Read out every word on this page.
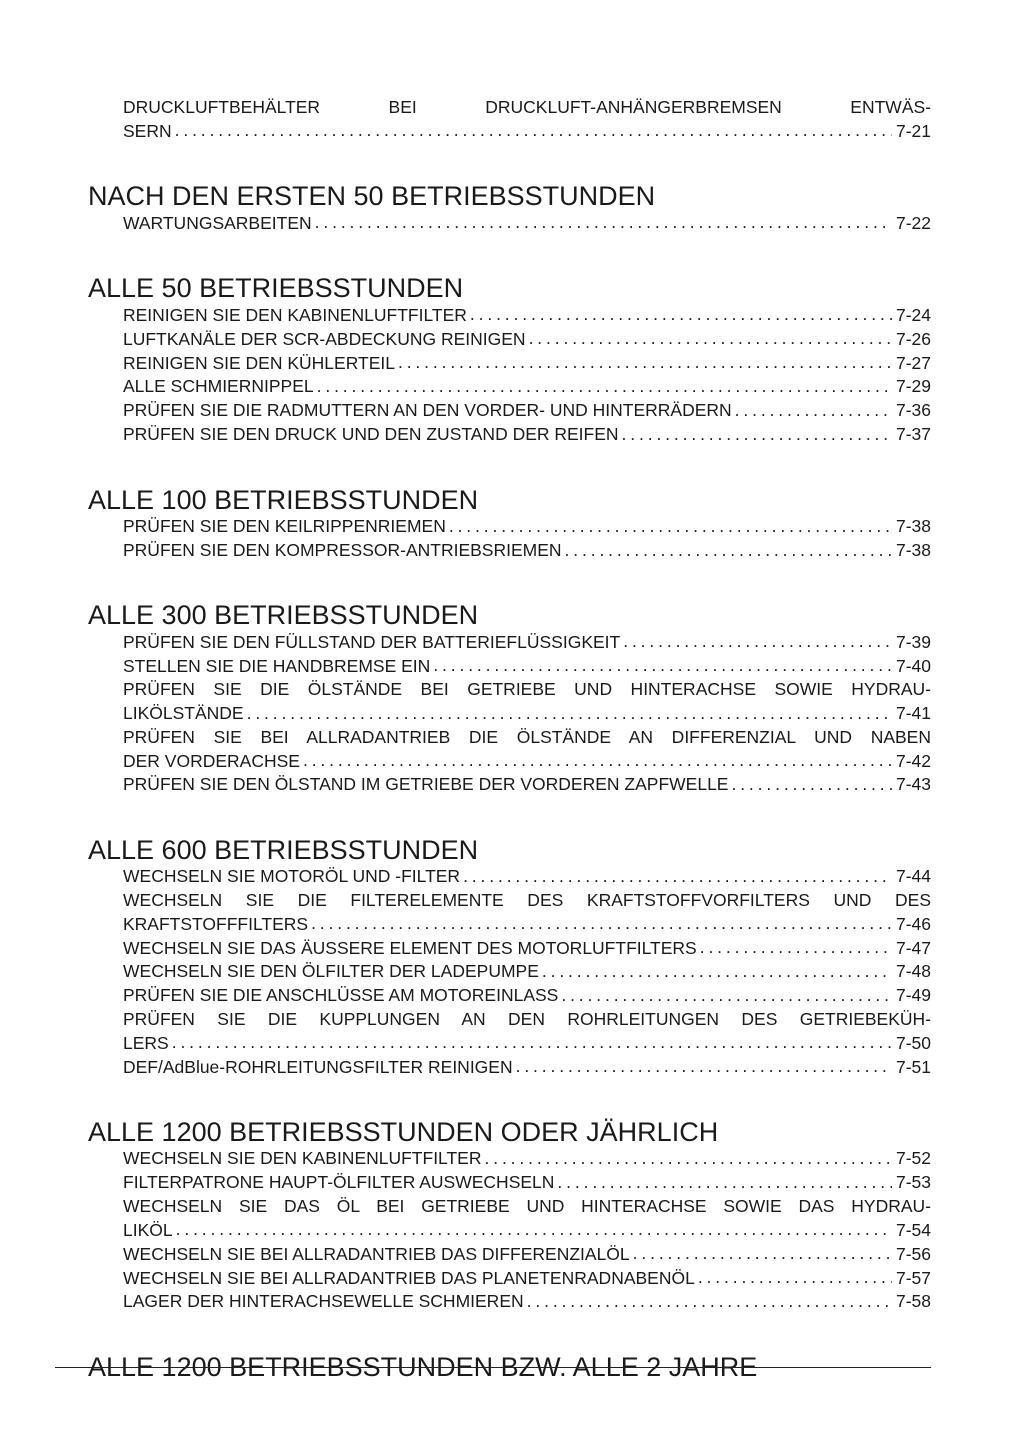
DRUCKLUFTBEHÄLTER BEI DRUCKLUFT-ANHÄNGERBREMSEN ENTWÄS-
SERN . . .	7-21
NACH DEN ERSTEN 50 BETRIEBSSTUNDEN
WARTUNGSARBEITEN . . .	7-22
ALLE 50 BETRIEBSSTUNDEN
REINIGEN SIE DEN KABINENLUFTFILTER . . .	7-24
LUFTKANÄLE DER SCR-ABDECKUNG REINIGEN . . .	7-26
REINIGEN SIE DEN KÜHLERTEIL . . .	7-27
ALLE SCHMIERNIPPEL . . .	7-29
PRÜFEN SIE DIE RADMUTTERN AN DEN VORDER- UND HINTERRÄDERN . . .	7-36
PRÜFEN SIE DEN DRUCK UND DEN ZUSTAND DER REIFEN . . .	7-37
ALLE 100 BETRIEBSSTUNDEN
PRÜFEN SIE DEN KEILRIPPENRIEMEN . . .	7-38
PRÜFEN SIE DEN KOMPRESSOR-ANTRIEBSRIEMEN . . .	7-38
ALLE 300 BETRIEBSSTUNDEN
PRÜFEN SIE DEN FÜLLSTAND DER BATTERIEFLÜSSIGKEIT . . .	7-39
STELLEN SIE DIE HANDBREMSE EIN . . .	7-40
PRÜFEN SIE DIE ÖLSTÄNDE BEI GETRIEBE UND HINTERACHSE SOWIE HYDRAU-
LIKÖLSTÄNDE . . .	7-41
PRÜFEN SIE BEI ALLRADANTRIEB DIE ÖLSTÄNDE AN DIFFERENZIAL UND NABEN
DER VORDERACHSE . . .	7-42
PRÜFEN SIE DEN ÖLSTAND IM GETRIEBE DER VORDEREN ZAPFWELLE . . .	7-43
ALLE 600 BETRIEBSSTUNDEN
WECHSELN SIE MOTORÖL UND -FILTER . . .	7-44
WECHSELN SIE DIE FILTERELEMENTE DES KRAFTSTOFFVORFILTERS UND DES
KRAFTSTOFFFILTERS . . .	7-46
WECHSELN SIE DAS ÄUSSERE ELEMENT DES MOTORLUFTFILTERS . . .	7-47
WECHSELN SIE DEN ÖLFILTER DER LADEPUMPE . . .	7-48
PRÜFEN SIE DIE ANSCHLÜSSE AM MOTOREINLASS . . .	7-49
PRÜFEN SIE DIE KUPPLUNGEN AN DEN ROHRLEITUNGEN DES GETRIEBEKÜH-
LERS . . .	7-50
DEF/AdBlue-ROHRLEITUNGSFILTER REINIGEN . . .	7-51
ALLE 1200 BETRIEBSSTUNDEN ODER JÄHRLICH
WECHSELN SIE DEN KABINENLUFTFILTER . . .	7-52
FILTERPATRONE HAUPT-ÖLFILTER AUSWECHSELN . . .	7-53
WECHSELN SIE DAS ÖL BEI GETRIEBE UND HINTERACHSE SOWIE DAS HYDRAU-
LIKÖL . . .	7-54
WECHSELN SIE BEI ALLRADANTRIEB DAS DIFFERENZIALÖL . . .	7-56
WECHSELN SIE BEI ALLRADANTRIEB DAS PLANETENRADNABENÖL . . .	7-57
LAGER DER HINTERACHSEWELLE SCHMIEREN . . .	7-58
ALLE 1200 BETRIEBSSTUNDEN BZW. ALLE 2 JAHRE
